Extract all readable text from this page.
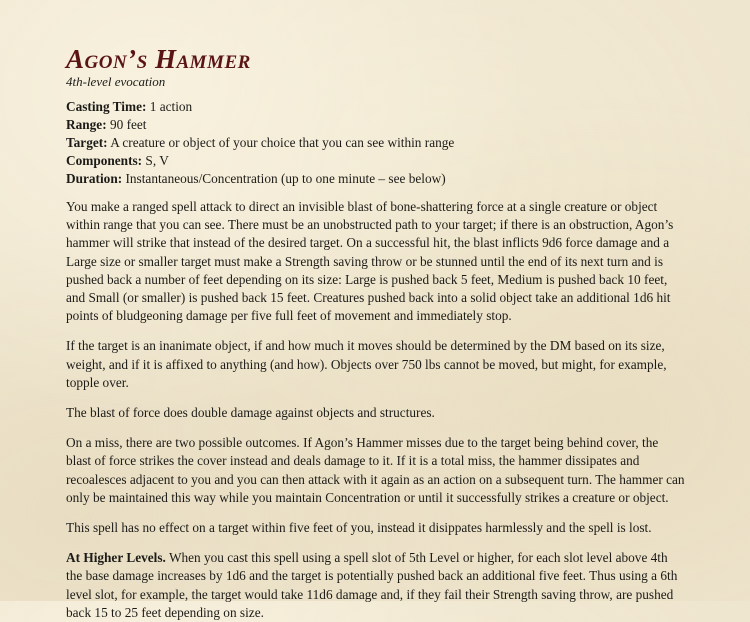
Agon’s Hammer

4th-level evocation

Casting Time: 1 action

Range: 90 feet

Target: A creature or object of your choice that you can see within range

Components: S, V

Duration: Instantaneous/Concentration (up to one minute – see below)

You make a ranged spell attack to direct an invisible blast of bone-shattering force at a single creature or object within range that you can see. There must be an unobstructed path to your target; if there is an obstruction, Agon’s hammer will strike that instead of the desired target. On a successful hit, the blast inflicts 9d6 force damage and a Large size or smaller target must make a Strength saving throw or be stunned until the end of its next turn and is pushed back a number of feet depending on its size: Large is pushed back 5 feet, Medium is pushed back 10 feet, and Small (or smaller) is pushed back 15 feet. Creatures pushed back into a solid object take an additional 1d6 hit points of bludgeoning damage per five full feet of movement and immediately stop.

If the target is an inanimate object, if and how much it moves should be determined by the DM based on its size, weight, and if it is affixed to anything (and how). Objects over 750 lbs cannot be moved, but might, for example, topple over.

The blast of force does double damage against objects and structures.

On a miss, there are two possible outcomes. If Agon’s Hammer misses due to the target being behind cover, the blast of force strikes the cover instead and deals damage to it. If it is a total miss, the hammer dissipates and recoalesces adjacent to you and you can then attack with it again as an action on a subsequent turn. The hammer can only be maintained this way while you maintain Concentration or until it successfully strikes a creature or object.

This spell has no effect on a target within five feet of you, instead it disippates harmlessly and the spell is lost.

At Higher Levels. When you cast this spell using a spell slot of 5th Level or higher, for each slot level above 4th the base damage increases by 1d6 and the target is potentially pushed back an additional five feet. Thus using a 6th level slot, for example, the target would take 11d6 damage and, if they fail their Strength saving throw, are pushed back 15 to 25 feet depending on size.
